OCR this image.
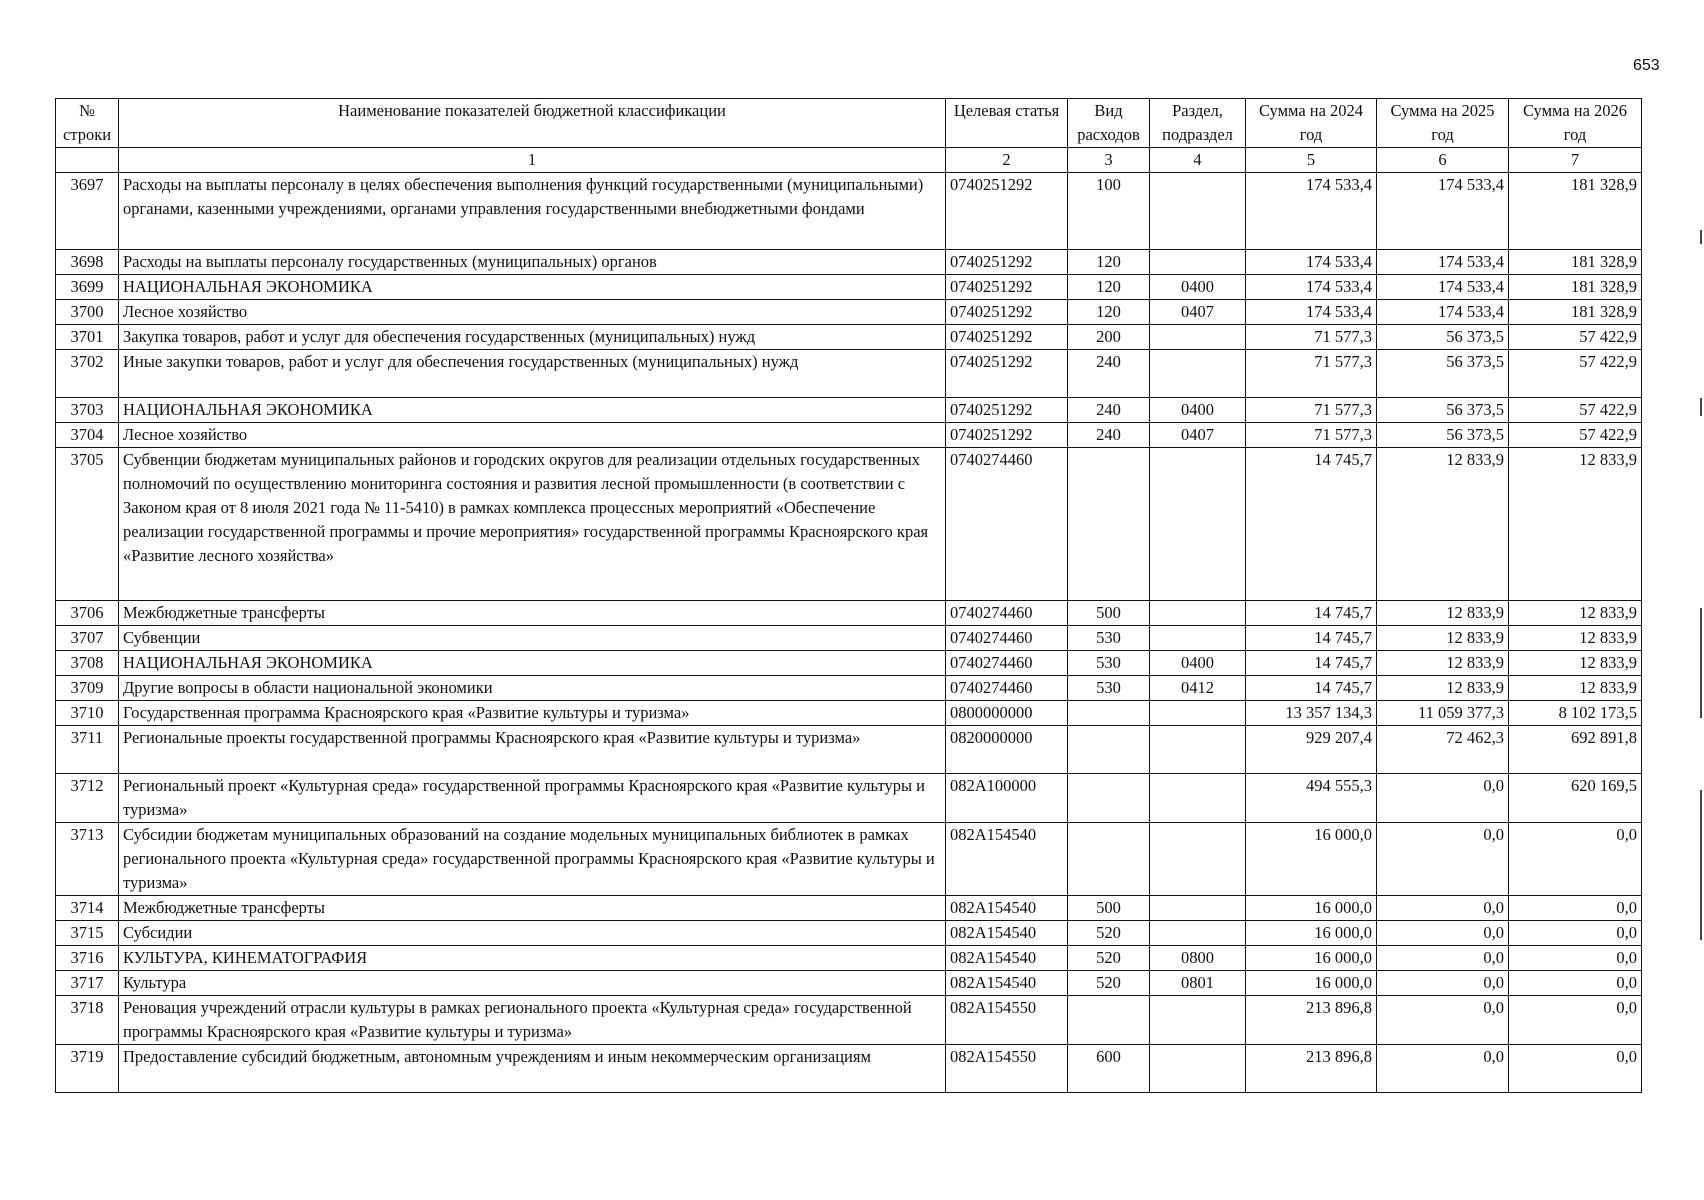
653
№ строки	Наименование показателей бюджетной классификации	Целевая статья	Вид расходов	Раздел, подраздел	Сумма на 2024 год	Сумма на 2025 год	Сумма на 2026 год
	1	2	3	4	5	6	7
3697	Расходы на выплаты персоналу в целях обеспечения выполнения функций государственными (муниципальными) органами, казенными учреждениями, органами управления государственными внебюджетными фондами	0740251292	100		174 533,4	174 533,4	181 328,9
3698	Расходы на выплаты персоналу государственных (муниципальных) органов	0740251292	120		174 533,4	174 533,4	181 328,9
3699	НАЦИОНАЛЬНАЯ ЭКОНОМИКА	0740251292	120	0400	174 533,4	174 533,4	181 328,9
3700	Лесное хозяйство	0740251292	120	0407	174 533,4	174 533,4	181 328,9
3701	Закупка товаров, работ и услуг для обеспечения государственных (муниципальных) нужд	0740251292	200		71 577,3	56 373,5	57 422,9
3702	Иные закупки товаров, работ и услуг для обеспечения государственных (муниципальных) нужд	0740251292	240		71 577,3	56 373,5	57 422,9
3703	НАЦИОНАЛЬНАЯ ЭКОНОМИКА	0740251292	240	0400	71 577,3	56 373,5	57 422,9
3704	Лесное хозяйство	0740251292	240	0407	71 577,3	56 373,5	57 422,9
3705	Субвенции бюджетам муниципальных районов и городских округов для реализации отдельных государственных полномочий по осуществлению мониторинга состояния и развития лесной промышленности (в соответствии с Законом края от 8 июля 2021 года № 11-5410) в рамках комплекса процессных мероприятий «Обеспечение реализации государственной программы и прочие мероприятия» государственной программы Красноярского края «Развитие лесного хозяйства»	0740274460			14 745,7	12 833,9	12 833,9
3706	Межбюджетные трансферты	0740274460	500		14 745,7	12 833,9	12 833,9
3707	Субвенции	0740274460	530		14 745,7	12 833,9	12 833,9
3708	НАЦИОНАЛЬНАЯ ЭКОНОМИКА	0740274460	530	0400	14 745,7	12 833,9	12 833,9
3709	Другие вопросы в области национальной экономики	0740274460	530	0412	14 745,7	12 833,9	12 833,9
3710	Государственная программа Красноярского края «Развитие культуры и туризма»	0800000000			13 357 134,3	11 059 377,3	8 102 173,5
3711	Региональные проекты государственной программы Красноярского края «Развитие культуры и туризма»	0820000000			929 207,4	72 462,3	692 891,8
3712	Региональный проект «Культурная среда» государственной программы Красноярского края «Развитие культуры и туризма»	082A100000			494 555,3	0,0	620 169,5
3713	Субсидии бюджетам муниципальных образований на создание модельных муниципальных библиотек в рамках регионального проекта «Культурная среда» государственной программы Красноярского края «Развитие культуры и туризма»	082A154540			16 000,0	0,0	0,0
3714	Межбюджетные трансферты	082A154540	500		16 000,0	0,0	0,0
3715	Субсидии	082A154540	520		16 000,0	0,0	0,0
3716	КУЛЬТУРА, КИНЕМАТОГРАФИЯ	082A154540	520	0800	16 000,0	0,0	0,0
3717	Культура	082A154540	520	0801	16 000,0	0,0	0,0
3718	Реновация учреждений отрасли культуры в рамках регионального проекта «Культурная среда» государственной программы Красноярского края «Развитие культуры и туризма»	082A154550			213 896,8	0,0	0,0
3719	Предоставление субсидий бюджетным, автономным учреждениям и иным некоммерческим организациям	082A154550	600		213 896,8	0,0	0,0
